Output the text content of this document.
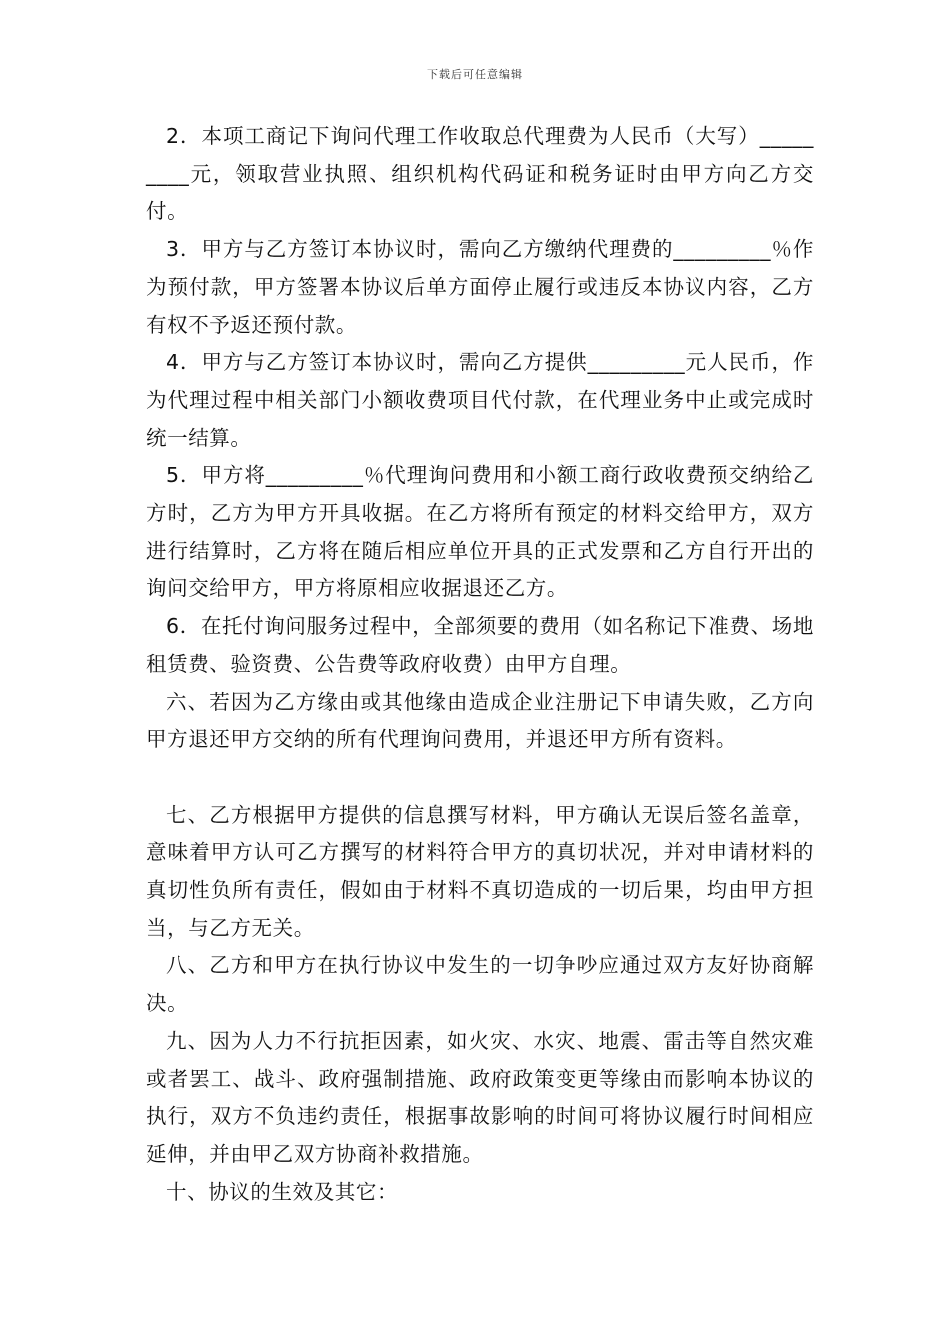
下载后可任意编辑

2．本项工商记下询问代理工作收取总代理费为人民币（大写）_________元，领取营业执照、组织机构代码证和税务证时由甲方向乙方交付。

3．甲方与乙方签订本协议时，需向乙方缴纳代理费的_________％作为预付款，甲方签署本协议后单方面停止履行或违反本协议内容，乙方有权不予返还预付款。

4．甲方与乙方签订本协议时，需向乙方提供_________元人民币，作为代理过程中相关部门小额收费项目代付款，在代理业务中止或完成时统一结算。

5．甲方将_________％代理询问费用和小额工商行政收费预交纳给乙方时，乙方为甲方开具收据。在乙方将所有预定的材料交给甲方，双方进行结算时，乙方将在随后相应单位开具的正式发票和乙方自行开出的询问交给甲方，甲方将原相应收据退还乙方。

6．在托付询问服务过程中，全部须要的费用（如名称记下准费、场地租赁费、验资费、公告费等政府收费）由甲方自理。

六、若因为乙方缘由或其他缘由造成企业注册记下申请失败，乙方向甲方退还甲方交纳的所有代理询问费用，并退还甲方所有资料。

七、乙方根据甲方提供的信息撰写材料，甲方确认无误后签名盖章，意味着甲方认可乙方撰写的材料符合甲方的真切状况，并对申请材料的真切性负所有责任，假如由于材料不真切造成的一切后果，均由甲方担当，与乙方无关。

八、乙方和甲方在执行协议中发生的一切争吵应通过双方友好协商解决。

九、因为人力不行抗拒因素，如火灾、水灾、地震、雷击等自然灾难或者罢工、战斗、政府强制措施、政府政策变更等缘由而影响本协议的执行，双方不负违约责任，根据事故影响的时间可将协议履行时间相应延伸，并由甲乙双方协商补救措施。

十、协议的生效及其它：
